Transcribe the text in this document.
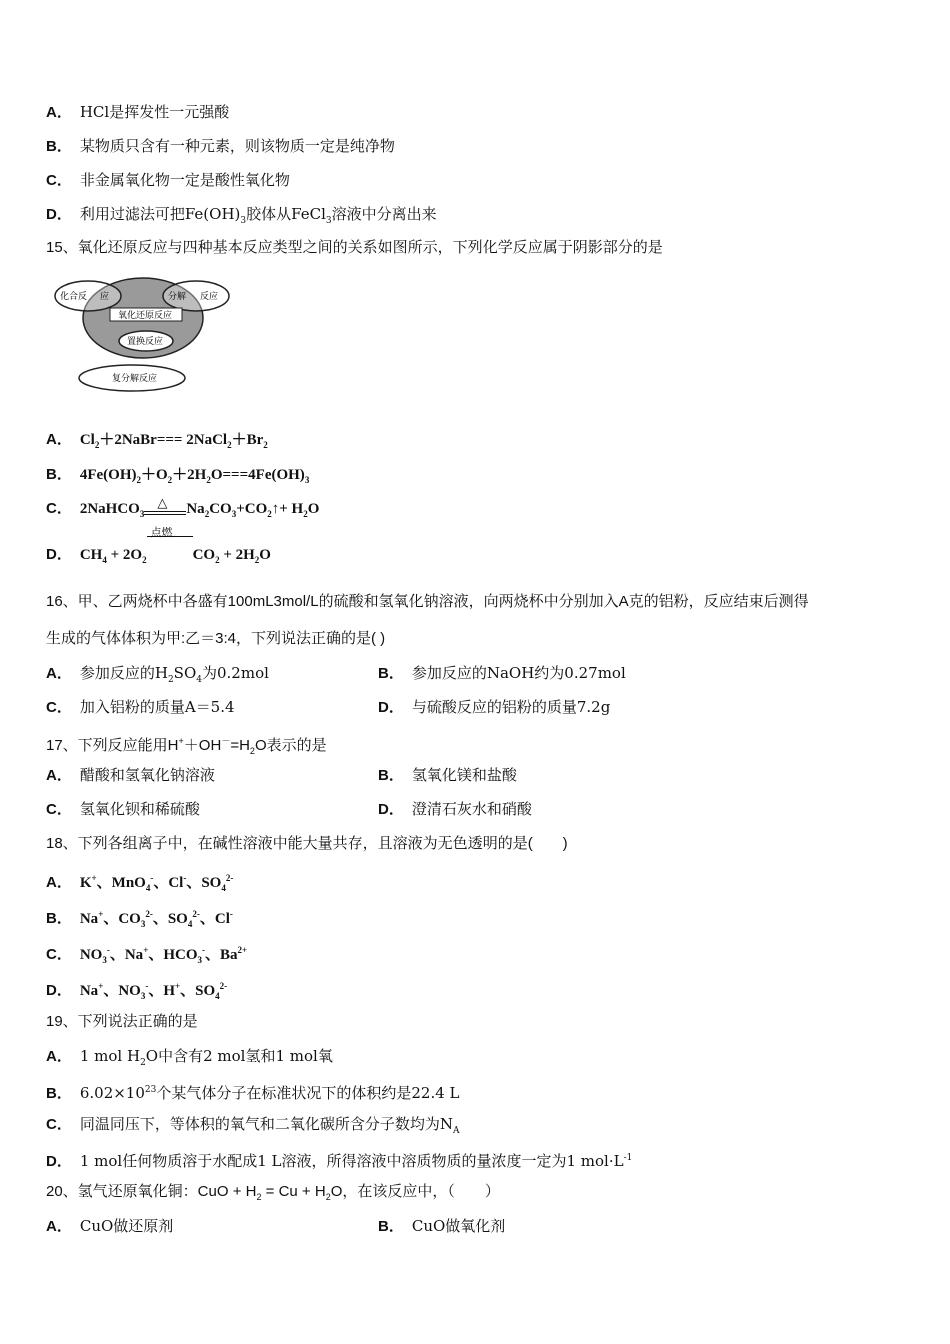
A． HCl是挥发性一元强酸
B． 某物质只含有一种元素，则该物质一定是纯净物
C． 非金属氧化物一定是酸性氧化物
D． 利用过滤法可把$Fe(OH)_3$胶体从FeCl$_3$溶液中分离出来
15、氧化还原反应与四种基本反应类型之间的关系如图所示，下列化学反应属于阴影部分的是
化合反 应	分解 反应
氧化还原反应
置换反应
复分解反应
A． $Cl_2+2NaBr===$ $2NaCl_2+Br_2$
B． $4Fe(OH)_2+O_2+2H_2O===4Fe(OH)_3$
C． 2NaHCO$_3$
△ $Na_2CO_3+CO_2↑+ H_2O$
D． $CH_4 + 2O_2$
点燃
$CO_2 + 2H_2O$
16、甲、乙两烧杯中各盛有100mL3mol/L的硫酸和氢氧化钠溶液，向两烧杯中分别加入A克的铝粉，反应结束后测得
生成的气体体积为甲:乙＝3:4，下列说法正确的是( )
A． 参加反应的$H_2SO_4$为0.2mol	B． 参加反应的NaOH约为0.27mol
C． 加入铝粉的质量A＝5.4	D． 与硫酸反应的铝粉的质量7.2g
17、下列反应能用$H^++OH^-=H_2O$表示的是
A． 醋酸和氢氧化钠溶液	B． 氢氧化镁和盐酸
C． 氢氧化钡和稀硫酸	D． 澄清石灰水和硝酸
18、下列各组离子中，在碱性溶液中能大量共存，且溶液为无色透明的是(　　)
A． K+、MnO$_4$-、Cl-、$SO_4^{2-}$
B． Na+、$CO_3^{2-}$、$SO_4^{2-}$、Cl-
C． $NO_3^-$、Na+、$HCO_3^-$、$Ba^{2+}$
D． Na+、$NO_3^-$、H+、$SO_4^{2-}$
19、下列说法正确的是
A． 1 mol $H_2O$中含有2 mol氢和1 mol氧
B． $6.02\times 10^{23}$个某气体分子在标准状况下的体积约是22.4 L
C． 同温同压下，等体积的氧气和二氧化碳所含分子数均为$N_A$
D． 1 mol任何物质溶于水配成1 L溶液，所得溶液中溶质物质的量浓度一定为1 $mol\cdot L^{-1}$
20、氢气还原氧化铜：CuO + $H_2 = Cu + H_2O$，在该反应中，（　　）
A． CuO做还原剂	B． CuO做氧化剂
